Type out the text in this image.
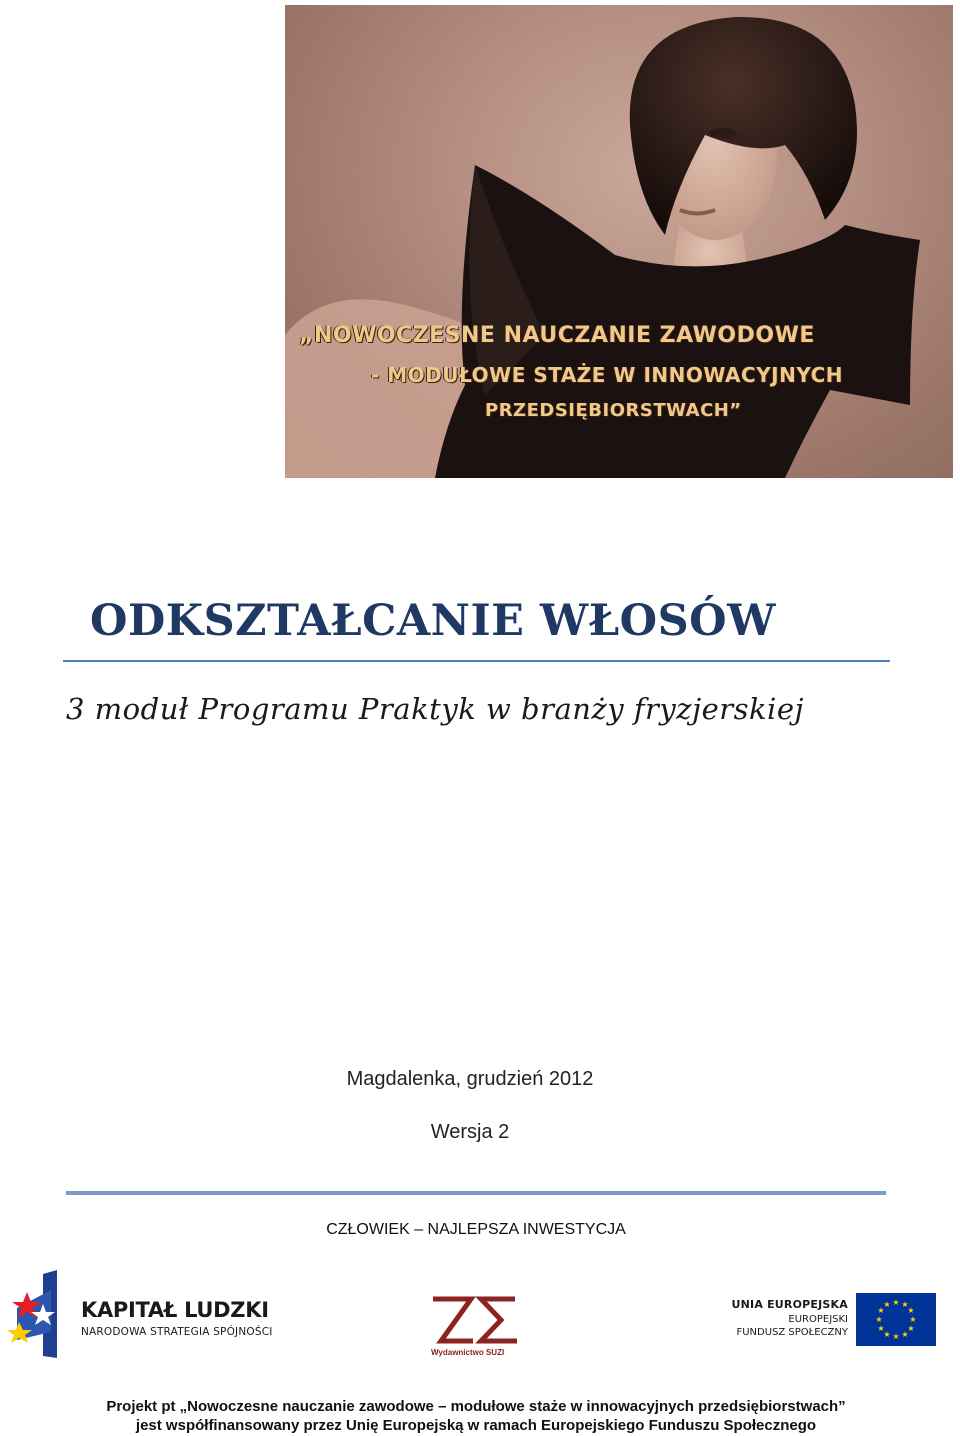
„NOWOCZESNE NAUCZANIE ZAWODOWE
- MODUŁOWE STAŻE W INNOWACYJNYCH
PRZEDSIĘBIORSTWACH”
ODKSZTAŁCANIE WŁOSÓW
3 moduł Programu Praktyk w branży fryzjerskiej
Magdalenka, grudzień 2012
Wersja 2
CZŁOWIEK – NAJLEPSZA INWESTYCJA
KAPITAŁ LUDZKI
NARODOWA STRATEGIA SPÓJNOŚCI
Wydawnictwo SUZI
UNIA EUROPEJSKA
EUROPEJSKI
FUNDUSZ SPOŁECZNY
★ ★
★
★
★
★
★
★
★
★
★
★
Projekt pt „Nowoczesne nauczanie zawodowe – modułowe staże w innowacyjnych przedsiębiorstwach”
jest współfinansowany przez Unię Europejską w ramach Europejskiego Funduszu Społecznego
